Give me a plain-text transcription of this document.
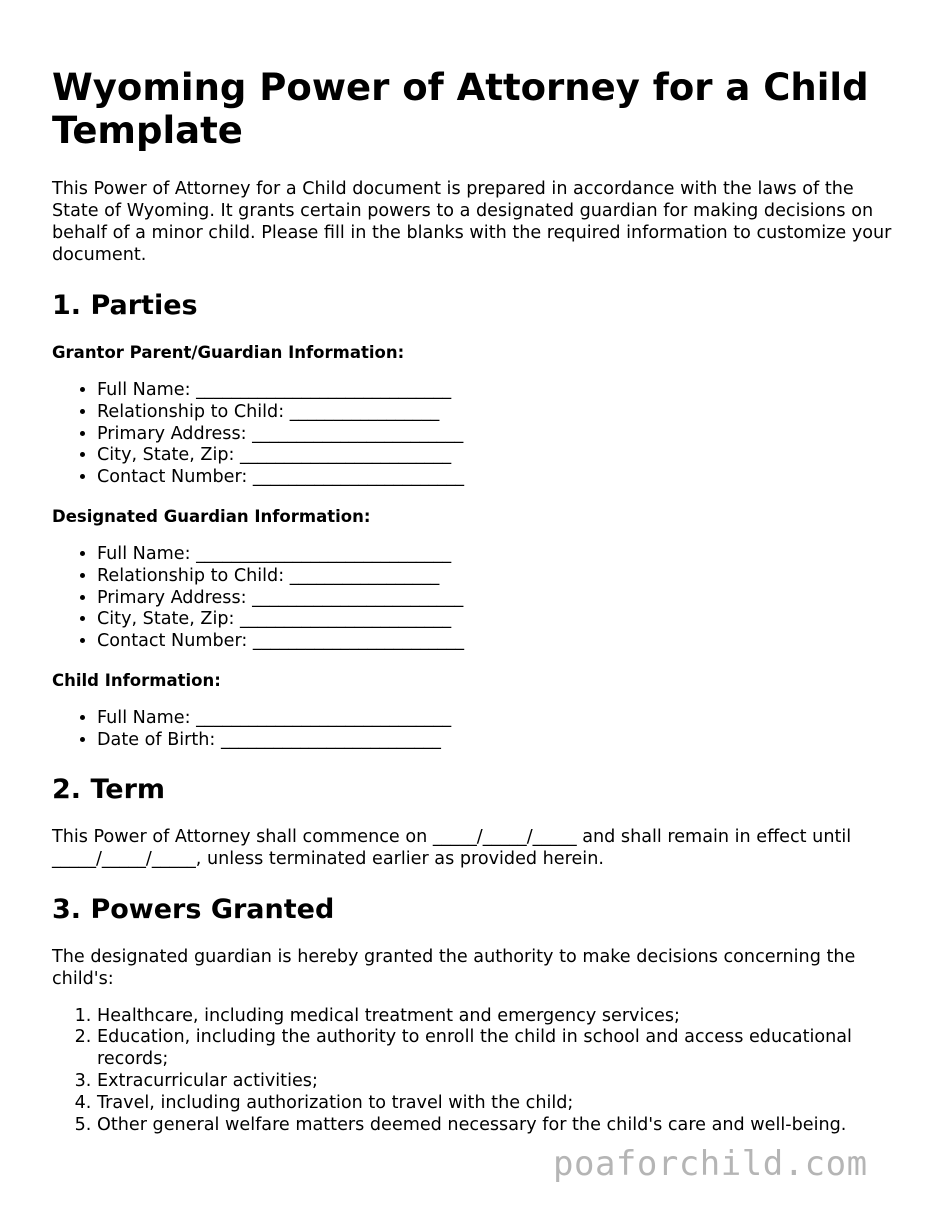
Wyoming Power of Attorney for a Child Template

This Power of Attorney for a Child document is prepared in accordance with the laws of the State of Wyoming. It grants certain powers to a designated guardian for making decisions on behalf of a minor child. Please fill in the blanks with the required information to customize your document.

1. Parties
Grantor Parent/Guardian Information:
• Full Name: _____________________________
• Relationship to Child: _________________
• Primary Address: ________________________
• City, State, Zip: ________________________
• Contact Number: ________________________
Designated Guardian Information:
• Full Name: _____________________________
• Relationship to Child: _________________
• Primary Address: ________________________
• City, State, Zip: ________________________
• Contact Number: ________________________
Child Information:
• Full Name: _____________________________
• Date of Birth: _________________________
2. Term

This Power of Attorney shall commence on _____/_____/_____ and shall remain in effect until _____/_____/_____, unless terminated earlier as provided herein.

3. Powers Granted

The designated guardian is hereby granted the authority to make decisions concerning the child's:

1. Healthcare, including medical treatment and emergency services;
2. Education, including the authority to enroll the child in school and access educational records;
3. Extracurricular activities;
4. Travel, including authorization to travel with the child;
5. Other general welfare matters deemed necessary for the child's care and well-being.
poaforchild.com
